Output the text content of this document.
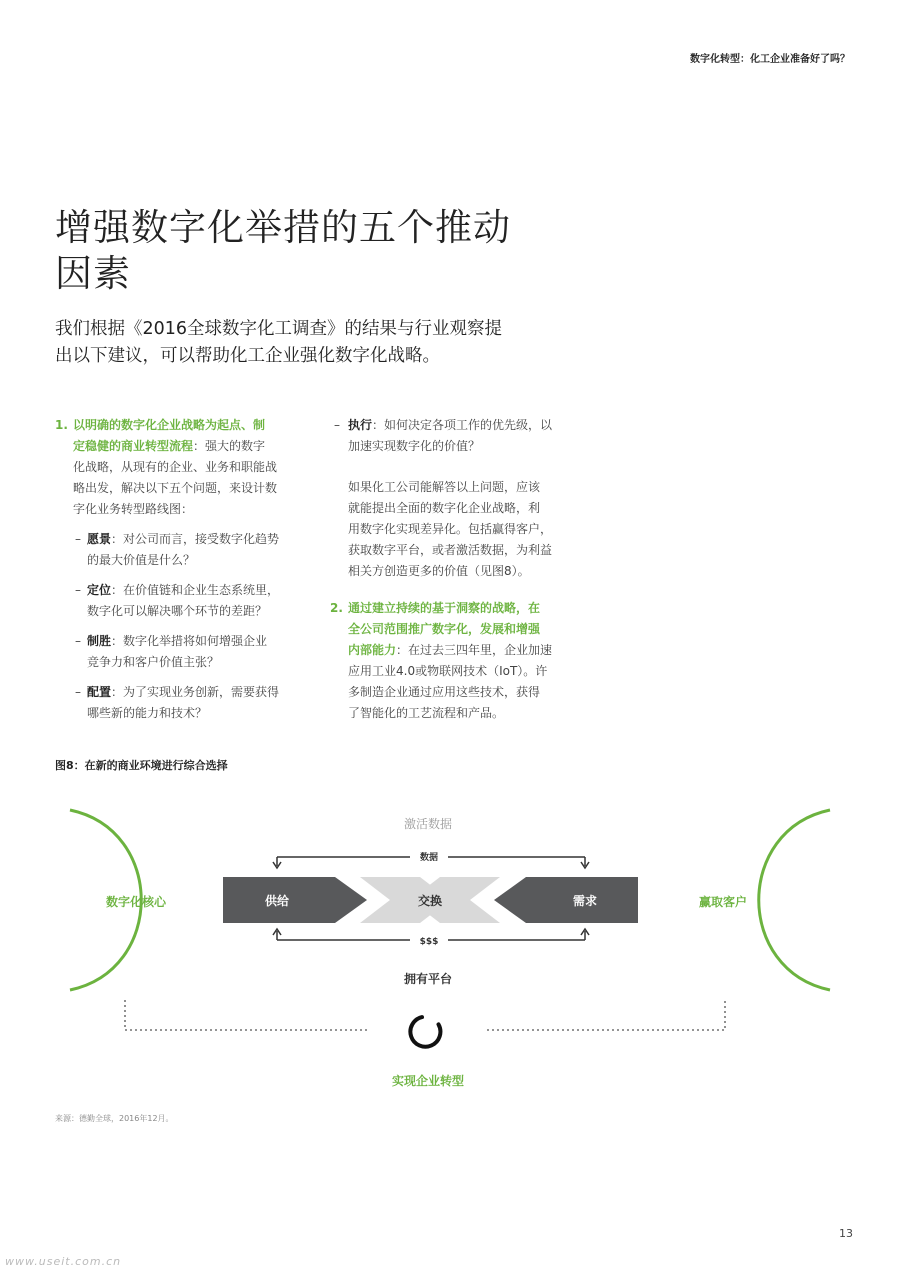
数字化转型：化工企业准备好了吗？
增强数字化举措的五个推动
因素
我们根据《2016全球数字化工调查》的结果与行业观察提
出以下建议，可以帮助化工企业强化数字化战略。
1. 以明确的数字化企业战略为起点、制
定稳健的商业转型流程：强大的数字
化战略，从现有的企业、业务和职能战
略出发，解决以下五个问题，来设计数
字化业务转型路线图：
– 愿景：对公司而言，接受数字化趋势
的最大价值是什么？
– 定位：在价值链和企业生态系统里，
数字化可以解决哪个环节的差距？
– 制胜：数字化举措将如何增强企业
竞争力和客户价值主张？
– 配置：为了实现业务创新，需要获得
哪些新的能力和技术？
– 执行：如何决定各项工作的优先级，以
加速实现数字化的价值？
如果化工公司能解答以上问题，应该
就能提出全面的数字化企业战略，利
用数字化实现差异化。包括赢得客户，
获取数字平台，或者激活数据，为利益
相关方创造更多的价值（见图8）。
2. 通过建立持续的基于洞察的战略，在
全公司范围推广数字化，发展和增强
内部能力：在过去三四年里，企业加速
应用工业4.0或物联网技术（IoT）。许
多制造企业通过应用这些技术，获得
了智能化的工艺流程和产品。
图8：在新的商业环境进行综合选择
数字化核心	赢取客户
激活数据
数据
供给	交换	需求
$$$
拥有平台
实现企业转型
来源：德勤全球，2016年12月。
13
www.useit.com.cn
